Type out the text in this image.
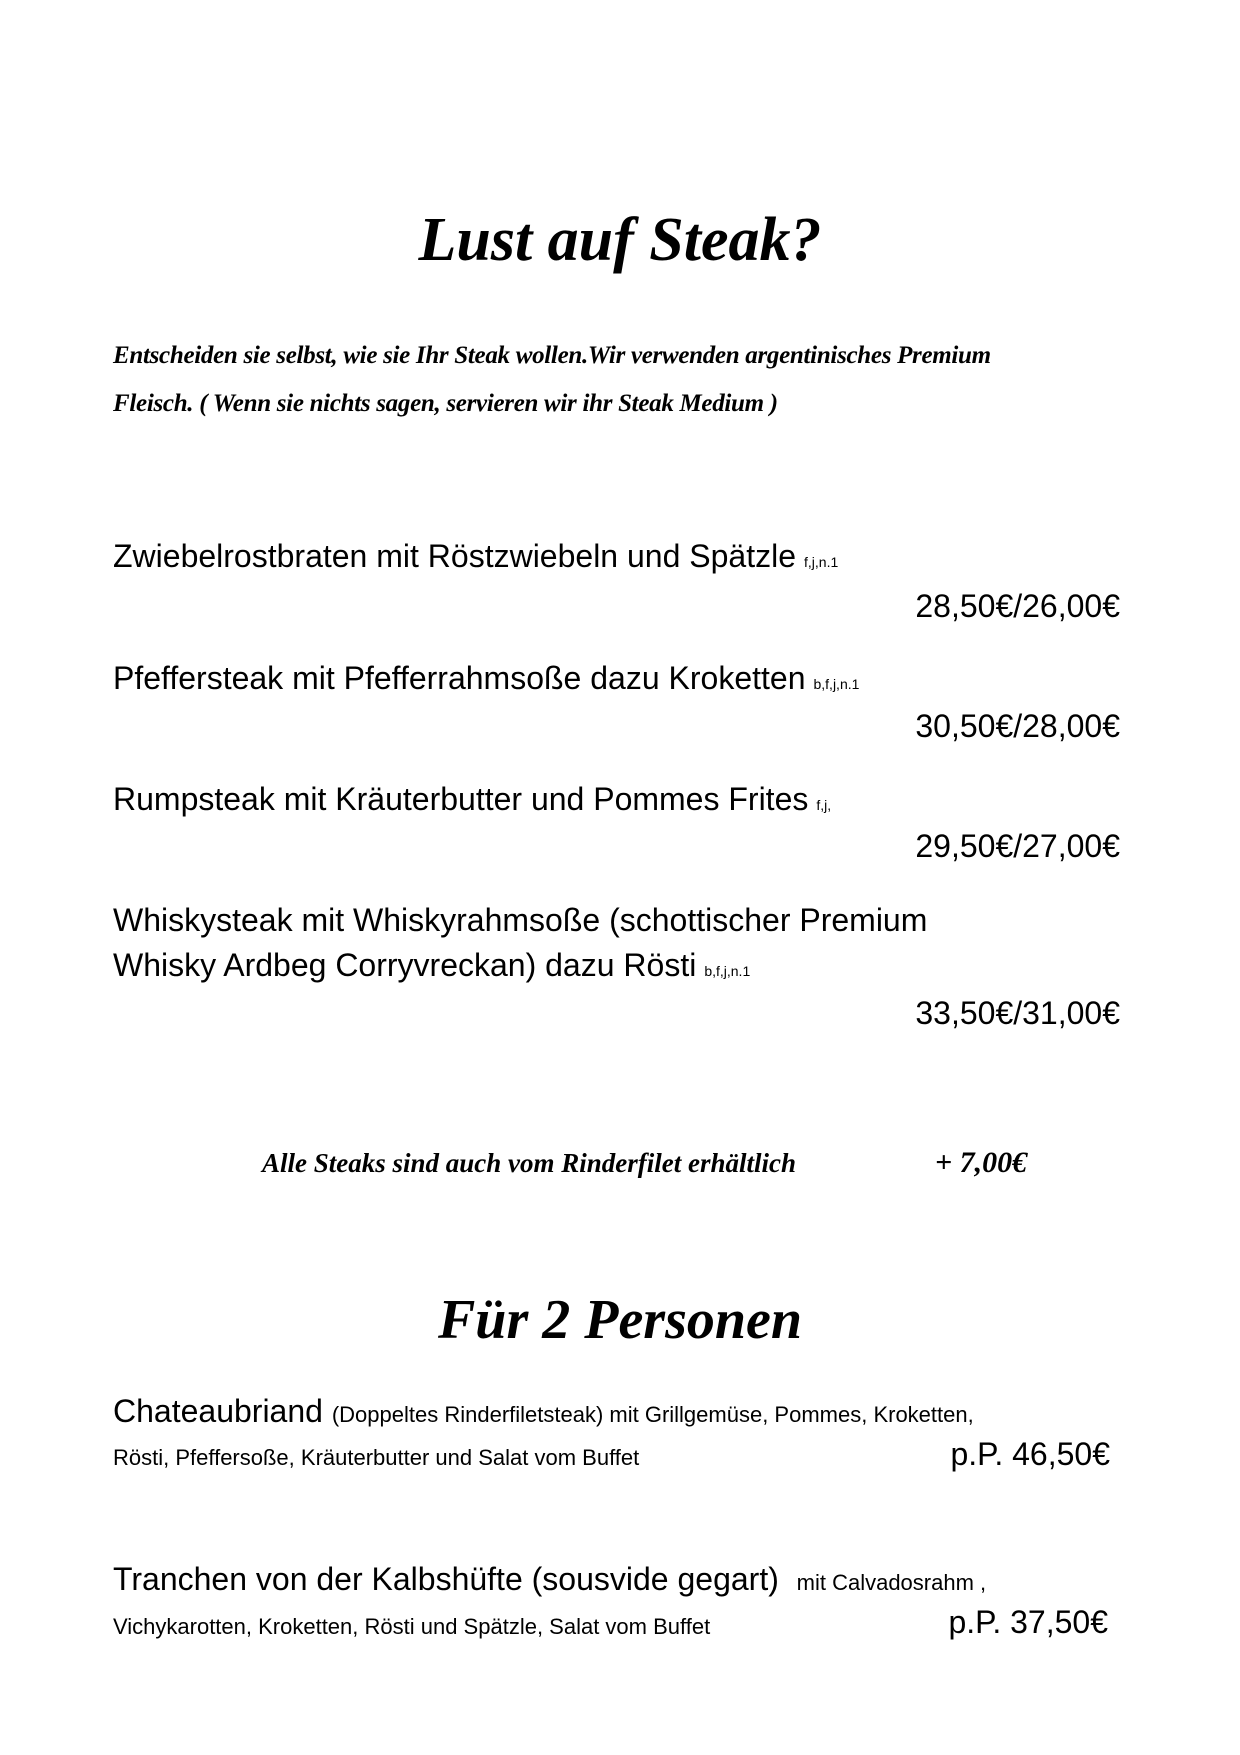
Lust auf Steak?
Entscheiden sie selbst, wie sie Ihr Steak wollen.Wir verwenden argentinisches Premium
Fleisch. ( Wenn sie nichts sagen, servieren wir ihr Steak Medium )
Zwiebelrostbraten mit Röstzwiebeln und Spätzle f,j,n.1
28,50€/26,00€
Pfeffersteak mit Pfefferrahmsoße dazu Kroketten b,f,j,n.1
30,50€/28,00€
Rumpsteak mit Kräuterbutter und Pommes Frites f,j,
29,50€/27,00€
Whiskysteak mit Whiskyrahmsoße (schottischer Premium
Whisky Ardbeg Corryvreckan) dazu Rösti b,f,j,n.1
33,50€/31,00€
Alle Steaks sind auch vom Rinderfilet erhältlich	+ 7,00€
Für 2 Personen
Chateaubriand (Doppeltes Rinderfiletsteak) mit Grillgemüse, Pommes, Kroketten,
Rösti, Pfeffersoße, Kräuterbutter und Salat vom Buffet	p.P. 46,50€
Tranchen von der Kalbshüfte (sousvide gegart) mit Calvadosrahm ,
Vichykarotten, Kroketten, Rösti und Spätzle, Salat vom Buffet	p.P. 37,50€
